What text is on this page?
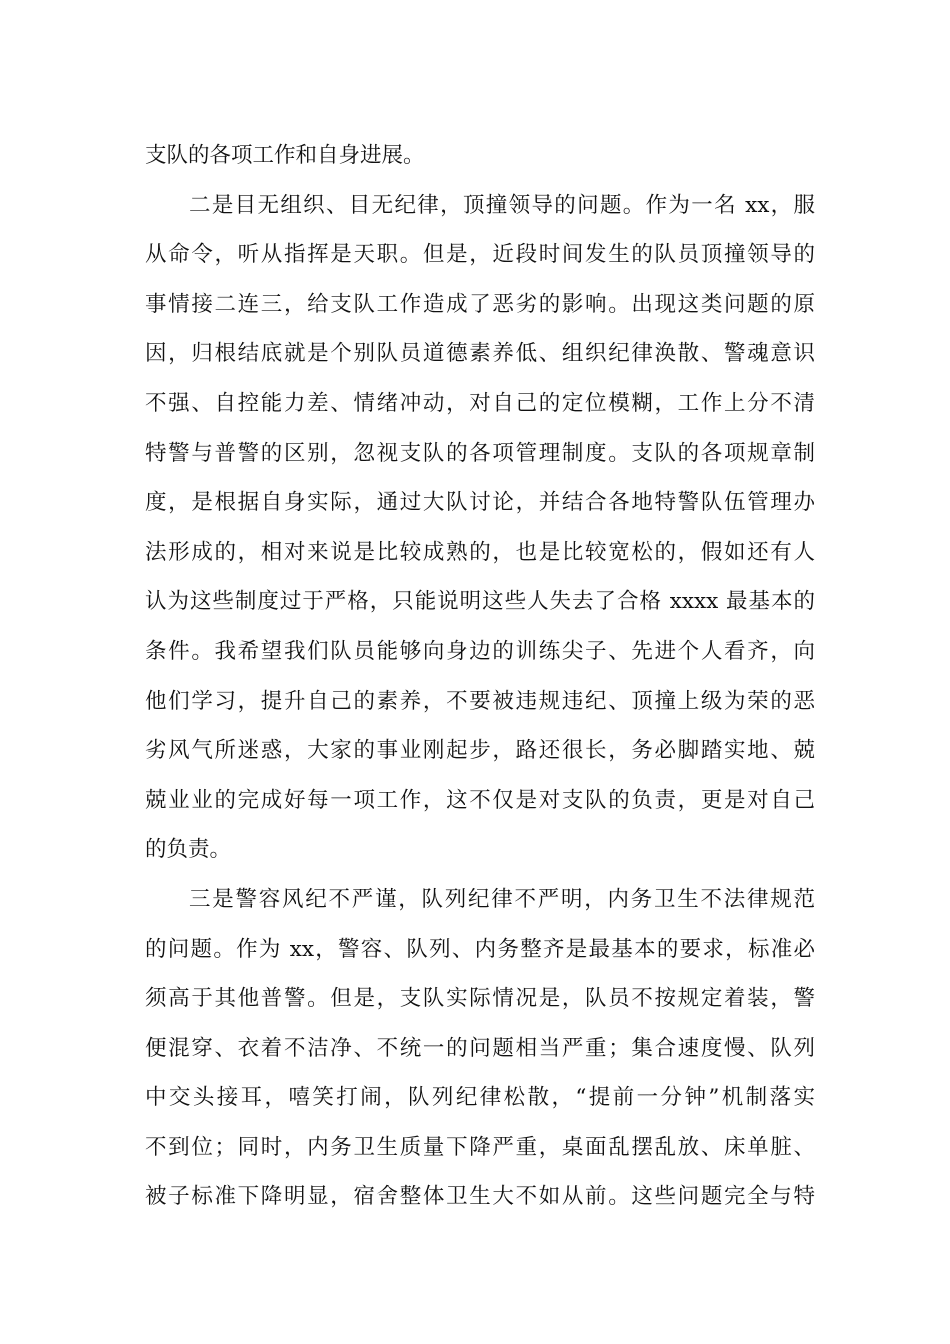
支队的各项工作和自身进展。
二是目无组织、目无纪律，顶撞领导的问题。作为一名 xx，服
从命令，听从指挥是天职。但是，近段时间发生的队员顶撞领导的
事情接二连三，给支队工作造成了恶劣的影响。出现这类问题的原
因，归根结底就是个别队员道德素养低、组织纪律涣散、警魂意识
不强、自控能力差、情绪冲动，对自己的定位模糊，工作上分不清
特警与普警的区别，忽视支队的各项管理制度。支队的各项规章制
度，是根据自身实际，通过大队讨论，并结合各地特警队伍管理办
法形成的，相对来说是比较成熟的，也是比较宽松的，假如还有人
认为这些制度过于严格，只能说明这些人失去了合格 xxxx 最基本的
条件。我希望我们队员能够向身边的训练尖子、先进个人看齐，向
他们学习，提升自己的素养，不要被违规违纪、顶撞上级为荣的恶
劣风气所迷惑，大家的事业刚起步，路还很长，务必脚踏实地、兢
兢业业的完成好每一项工作，这不仅是对支队的负责，更是对自己
的负责。
三是警容风纪不严谨，队列纪律不严明，内务卫生不法律规范
的问题。作为 xx，警容、队列、内务整齐是最基本的要求，标准必
须高于其他普警。但是，支队实际情况是，队员不按规定着装，警
便混穿、衣着不洁净、不统一的问题相当严重；集合速度慢、队列
中交头接耳，嘻笑打闹，队列纪律松散，“提前一分钟”机制落实
不到位；同时，内务卫生质量下降严重，桌面乱摆乱放、床单脏、
被子标准下降明显，宿舍整体卫生大不如从前。这些问题完全与特
